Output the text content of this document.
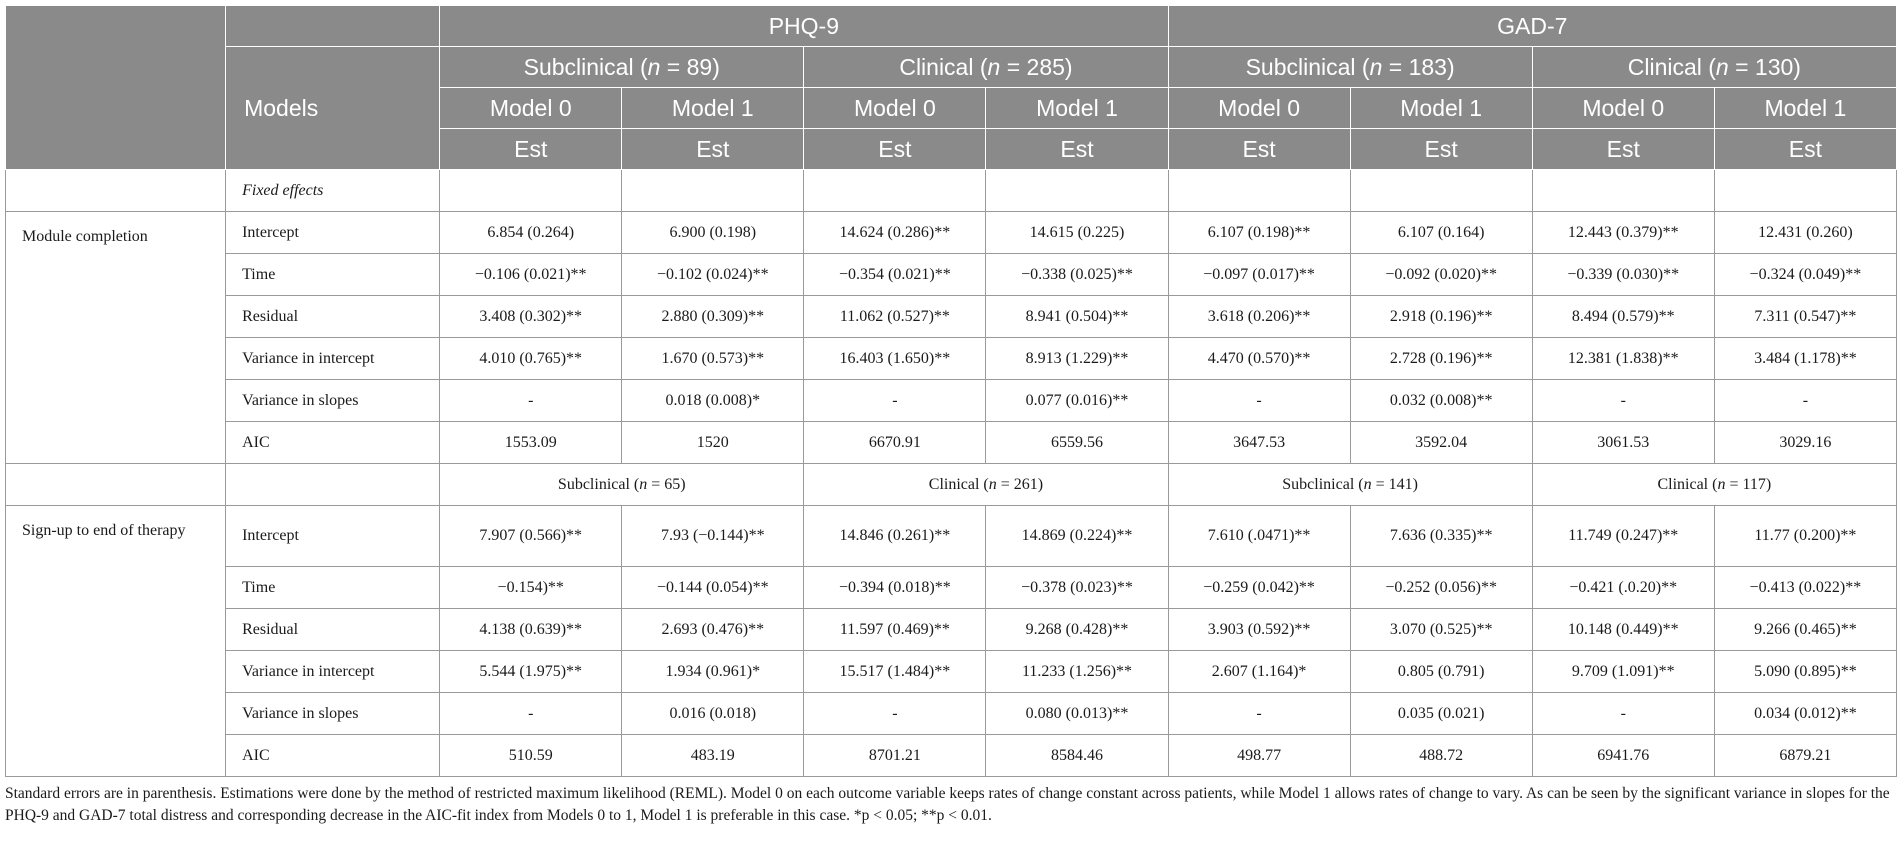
		PHQ-9				GAD-7			
	Models	Subclinical (n = 89)		Clinical (n = 285)		Subclinical (n = 183)		Clinical (n = 130)	
		Model 0	Model 1	Model 0	Model 1	Model 0	Model 1	Model 0	Model 1
		Est	Est	Est	Est	Est	Est	Est	Est
	Fixed effects								
Module completion	Intercept	6.854 (0.264)	6.900 (0.198)	14.624 (0.286)**	14.615 (0.225)	6.107 (0.198)**	6.107 (0.164)	12.443 (0.379)**	12.431 (0.260)
	Time	−0.106 (0.021)**	−0.102 (0.024)**	−0.354 (0.021)**	−0.338 (0.025)**	−0.097 (0.017)**	−0.092 (0.020)**	−0.339 (0.030)**	−0.324 (0.049)**
	Residual	3.408 (0.302)**	2.880 (0.309)**	11.062 (0.527)**	8.941 (0.504)**	3.618 (0.206)**	2.918 (0.196)**	8.494 (0.579)**	7.311 (0.547)**
	Variance in intercept	4.010 (0.765)**	1.670 (0.573)**	16.403 (1.650)**	8.913 (1.229)**	4.470 (0.570)**	2.728 (0.196)**	12.381 (1.838)**	3.484 (1.178)**
	Variance in slopes	-	0.018 (0.008)*	-	0.077 (0.016)**	-	0.032 (0.008)**	-	-
	AIC	1553.09	1520	6670.91	6559.56	3647.53	3592.04	3061.53	3029.16
		Subclinical (n = 65)		Clinical (n = 261)		Subclinical (n = 141)		Clinical (n = 117)	
Sign-up to end of therapy	Intercept	7.907 (0.566)**	7.93 (−0.144)**	14.846 (0.261)**	14.869 (0.224)**	7.610 (.0471)**	7.636 (0.335)**	11.749 (0.247)**	11.77 (0.200)**
	Time	−0.154)**	−0.144 (0.054)**	−0.394 (0.018)**	−0.378 (0.023)**	−0.259 (0.042)**	−0.252 (0.056)**	−0.421 (.0.20)**	−0.413 (0.022)**
	Residual	4.138 (0.639)**	2.693 (0.476)**	11.597 (0.469)**	9.268 (0.428)**	3.903 (0.592)**	3.070 (0.525)**	10.148 (0.449)**	9.266 (0.465)**
	Variance in intercept	5.544 (1.975)**	1.934 (0.961)*	15.517 (1.484)**	11.233 (1.256)**	2.607 (1.164)*	0.805 (0.791)	9.709 (1.091)**	5.090 (0.895)**
	Variance in slopes	-	0.016 (0.018)	-	0.080 (0.013)**	-	0.035 (0.021)	-	0.034 (0.012)**
	AIC	510.59	483.19	8701.21	8584.46	498.77	488.72	6941.76	6879.21
Standard errors are in parenthesis. Estimations were done by the method of restricted maximum likelihood (REML). Model 0 on each outcome variable keeps rates of change constant across patients, while Model 1 allows rates of change to vary. As can be seen by the significant variance in slopes for the PHQ-9 and GAD-7 total distress and corresponding decrease in the AIC-fit index from Models 0 to 1, Model 1 is preferable in this case. *p < 0.05; **p < 0.01.
